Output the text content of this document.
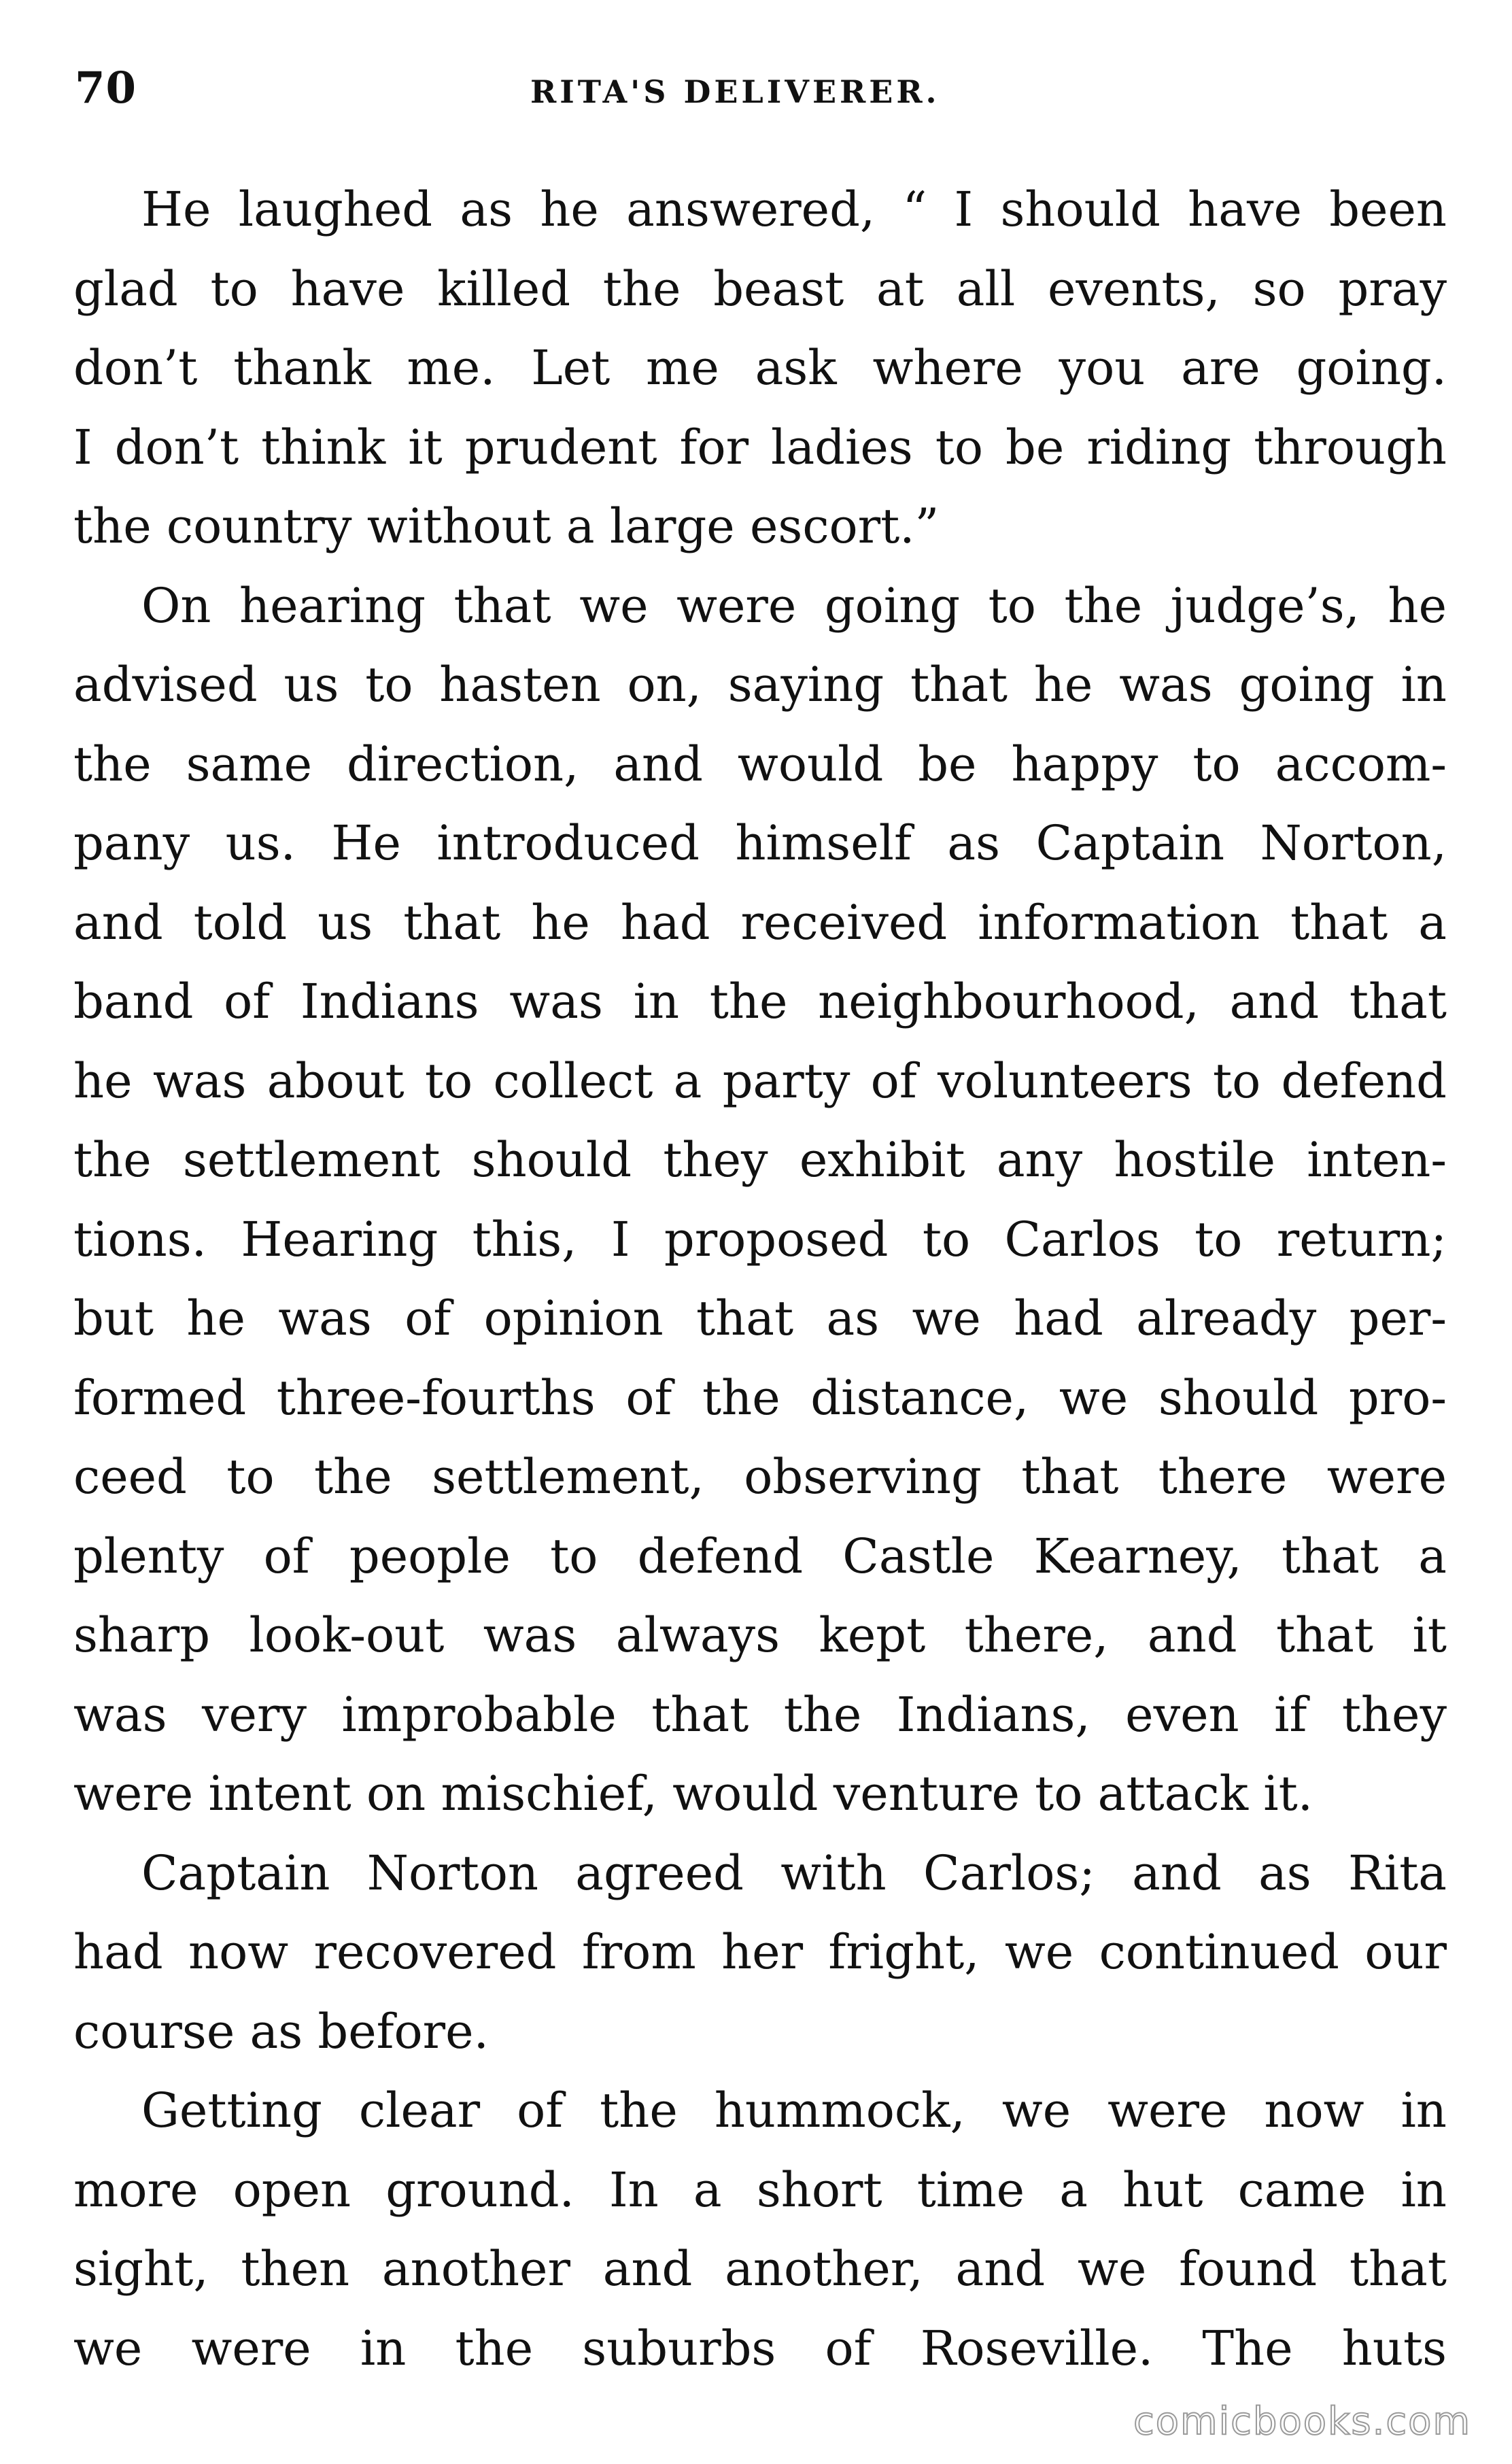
70	RITA'S DELIVERER.
He laughed as he answered, “ I should have been
glad to have killed the beast at all events, so pray
don’t thank me. Let me ask where you are going.
I don’t think it prudent for ladies to be riding through
the country without a large escort.”
On hearing that we were going to the judge’s, he
advised us to hasten on, saying that he was going in
the same direction, and would be happy to accom-
pany us. He introduced himself as Captain Norton,
and told us that he had received information that a
band of Indians was in the neighbourhood, and that
he was about to collect a party of volunteers to defend
the settlement should they exhibit any hostile inten-
tions. Hearing this, I proposed to Carlos to return;
but he was of opinion that as we had already per-
formed three-fourths of the distance, we should pro-
ceed to the settlement, observing that there were
plenty of people to defend Castle Kearney, that a
sharp look-out was always kept there, and that it
was very improbable that the Indians, even if they
were intent on mischief, would venture to attack it.
Captain Norton agreed with Carlos; and as Rita
had now recovered from her fright, we continued our
course as before.
Getting clear of the hummock, we were now in
more open ground. In a short time a hut came in
sight, then another and another, and we found that
we were in the suburbs of Roseville. The huts
comicbooks.com
